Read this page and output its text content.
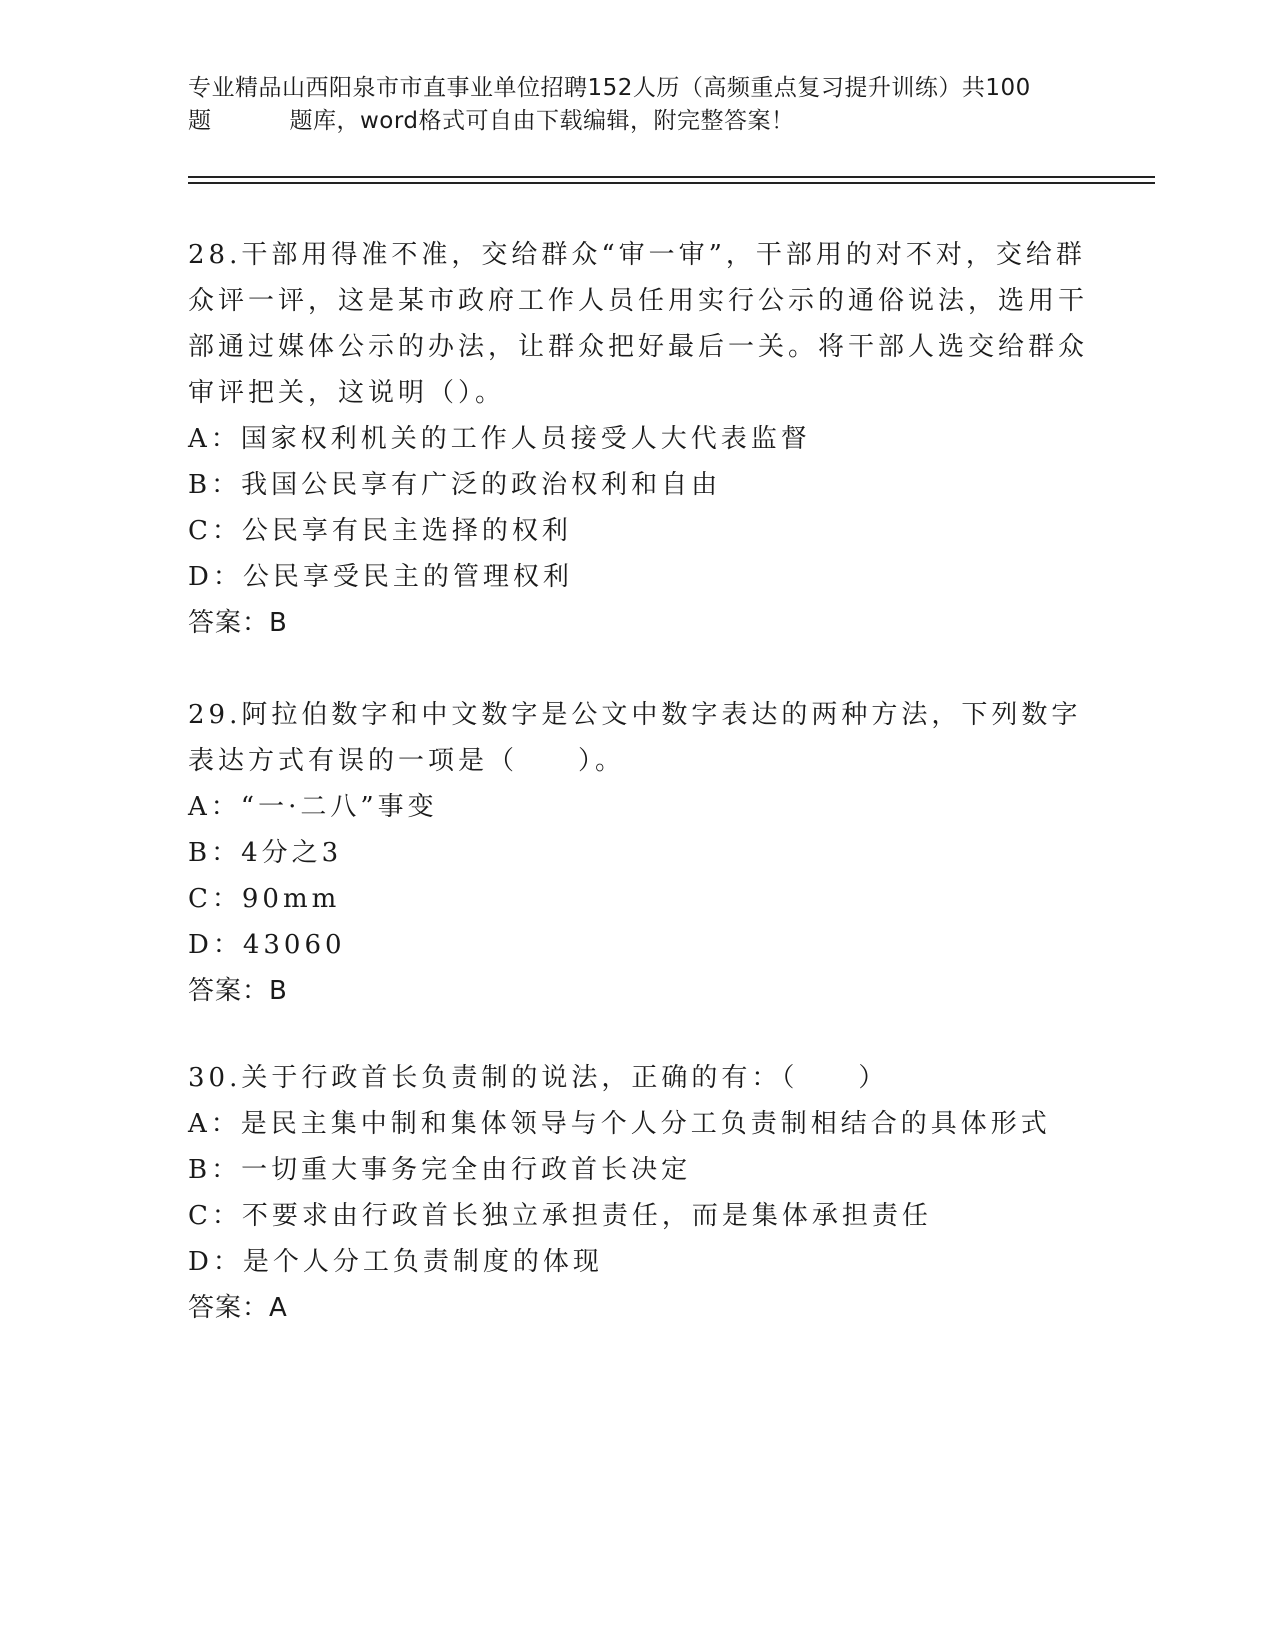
专业精品山西阳泉市市直事业单位招聘152人历（高频重点复习提升训练）共100
题	题库，word格式可自由下载编辑，附完整答案！
28.干部用得准不准，交给群众“审一审”，干部用的对不对，交给群众评一评，这是某市政府工作人员任用实行公示的通俗说法，选用干部通过媒体公示的办法，让群众把好最后一关。将干部人选交给群众审评把关，这说明（）。
A：国家权利机关的工作人员接受人大代表监督
B：我国公民享有广泛的政治权利和自由
C：公民享有民主选择的权利
D：公民享受民主的管理权利
答案：B
29.阿拉伯数字和中文数字是公文中数字表达的两种方法，下列数字表达方式有误的一项是（　　）。
A：“一·二八”事变
B：4分之3
C：90mm
D：43060
答案：B
30.关于行政首长负责制的说法，正确的有：（　　）
A：是民主集中制和集体领导与个人分工负责制相结合的具体形式
B：一切重大事务完全由行政首长决定
C：不要求由行政首长独立承担责任，而是集体承担责任
D：是个人分工负责制度的体现
答案：A
